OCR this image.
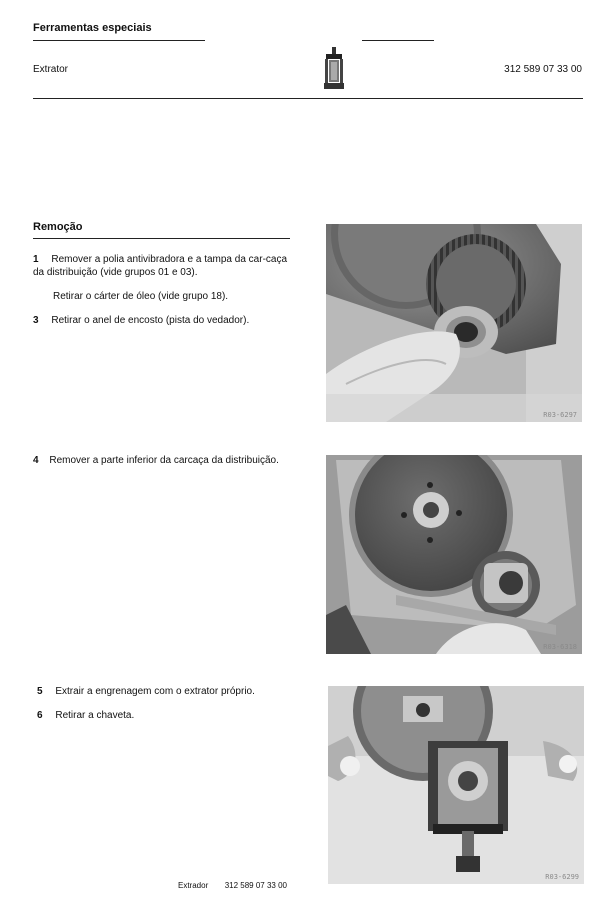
Ferramentas especiais
Extrator	312 589 07 33 00
Remoção

1 Remover a polia antivibradora e a tampa da car-caça da distribuição (vide grupos 01 e 03).

Retirar o cárter de óleo (vide grupo 18).

3 Retirar o anel de encosto (pista do vedador).

4 Remover a parte inferior da carcaça da distribuição.

5 Extrair a engrenagem com o extrator próprio.

6 Retirar a chaveta.

R03-6297
R03-6318
R03-6299
Extrador 312 589 07 33 00
